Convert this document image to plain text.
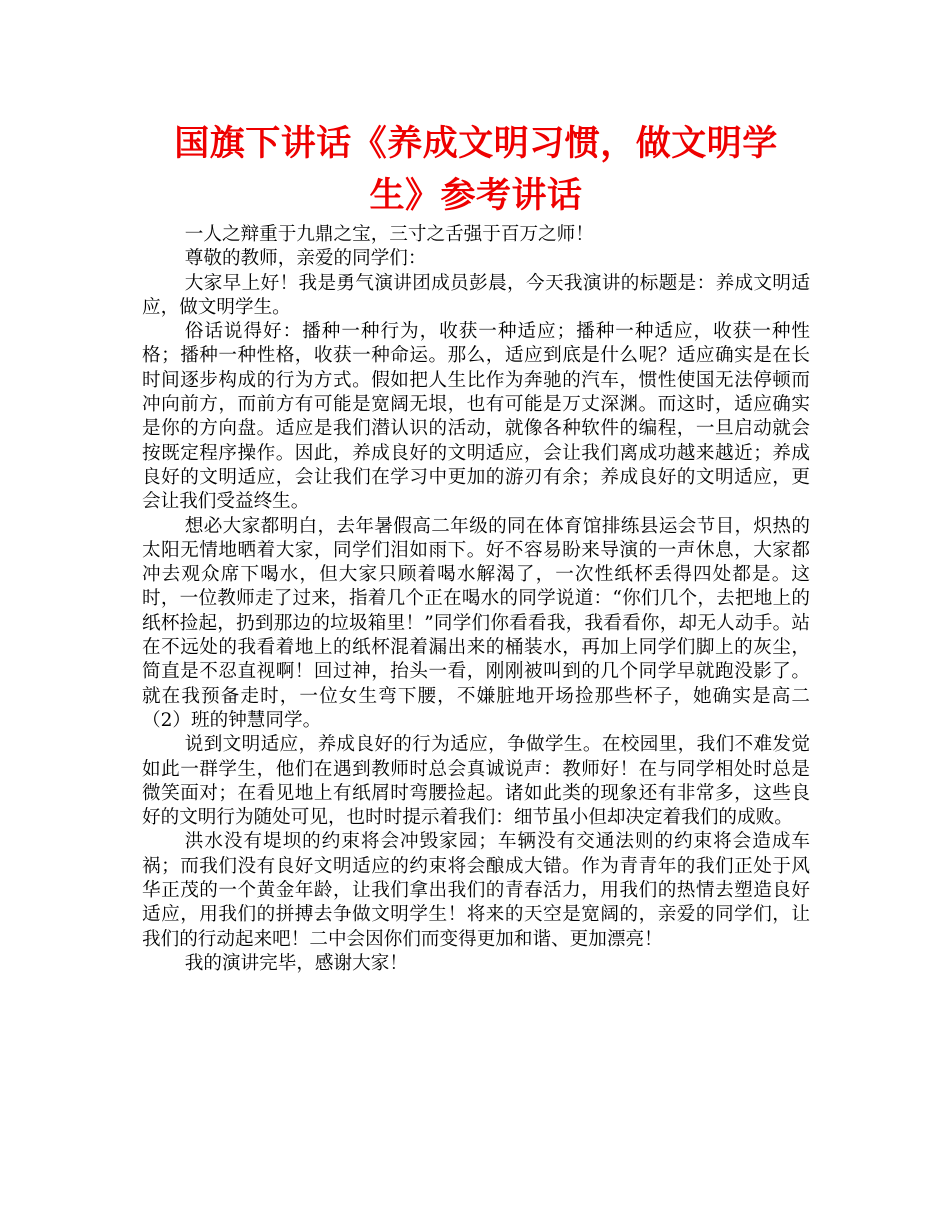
国旗下讲话《养成文明习惯，做文明学
生》参考讲话

一人之辩重于九鼎之宝，三寸之舌强于百万之师！

尊敬的教师，亲爱的同学们：

大家早上好！我是勇气演讲团成员彭晨，今天我演讲的标题是：养成文明适应，做文明学生。

俗话说得好：播种一种行为，收获一种适应；播种一种适应，收获一种性格；播种一种性格，收获一种命运。那么，适应到底是什么呢？适应确实是在长时间逐步构成的行为方式。假如把人生比作为奔驰的汽车，惯性使国无法停顿而冲向前方，而前方有可能是宽阔无垠，也有可能是万丈深渊。而这时，适应确实是你的方向盘。适应是我们潜认识的活动，就像各种软件的编程，一旦启动就会按既定程序操作。因此，养成良好的文明适应，会让我们离成功越来越近；养成良好的文明适应，会让我们在学习中更加的游刃有余；养成良好的文明适应，更会让我们受益终生。

想必大家都明白，去年暑假高二年级的同在体育馆排练县运会节目，炽热的太阳无情地晒着大家，同学们泪如雨下。好不容易盼来导演的一声休息，大家都冲去观众席下喝水，但大家只顾着喝水解渴了，一次性纸杯丢得四处都是。这时，一位教师走了过来，指着几个正在喝水的同学说道：“你们几个，去把地上的纸杯捡起，扔到那边的垃圾箱里！”同学们你看看我，我看看你，却无人动手。站在不远处的我看着地上的纸杯混着漏出来的桶装水，再加上同学们脚上的灰尘，简直是不忍直视啊！回过神，抬头一看，刚刚被叫到的几个同学早就跑没影了。就在我预备走时，一位女生弯下腰，不嫌脏地开场捡那些杯子，她确实是高二（2）班的钟慧同学。

说到文明适应，养成良好的行为适应，争做学生。在校园里，我们不难发觉如此一群学生，他们在遇到教师时总会真诚说声：教师好！在与同学相处时总是微笑面对；在看见地上有纸屑时弯腰捡起。诸如此类的现象还有非常多，这些良好的文明行为随处可见，也时时提示着我们：细节虽小但却决定着我们的成败。

洪水没有堤坝的约束将会冲毁家园；车辆没有交通法则的约束将会造成车祸；而我们没有良好文明适应的约束将会酿成大错。作为青青年的我们正处于风华正茂的一个黄金年龄，让我们拿出我们的青春活力，用我们的热情去塑造良好适应，用我们的拼搏去争做文明学生！将来的天空是宽阔的，亲爱的同学们，让我们的行动起来吧！二中会因你们而变得更加和谐、更加漂亮！

我的演讲完毕，感谢大家！
